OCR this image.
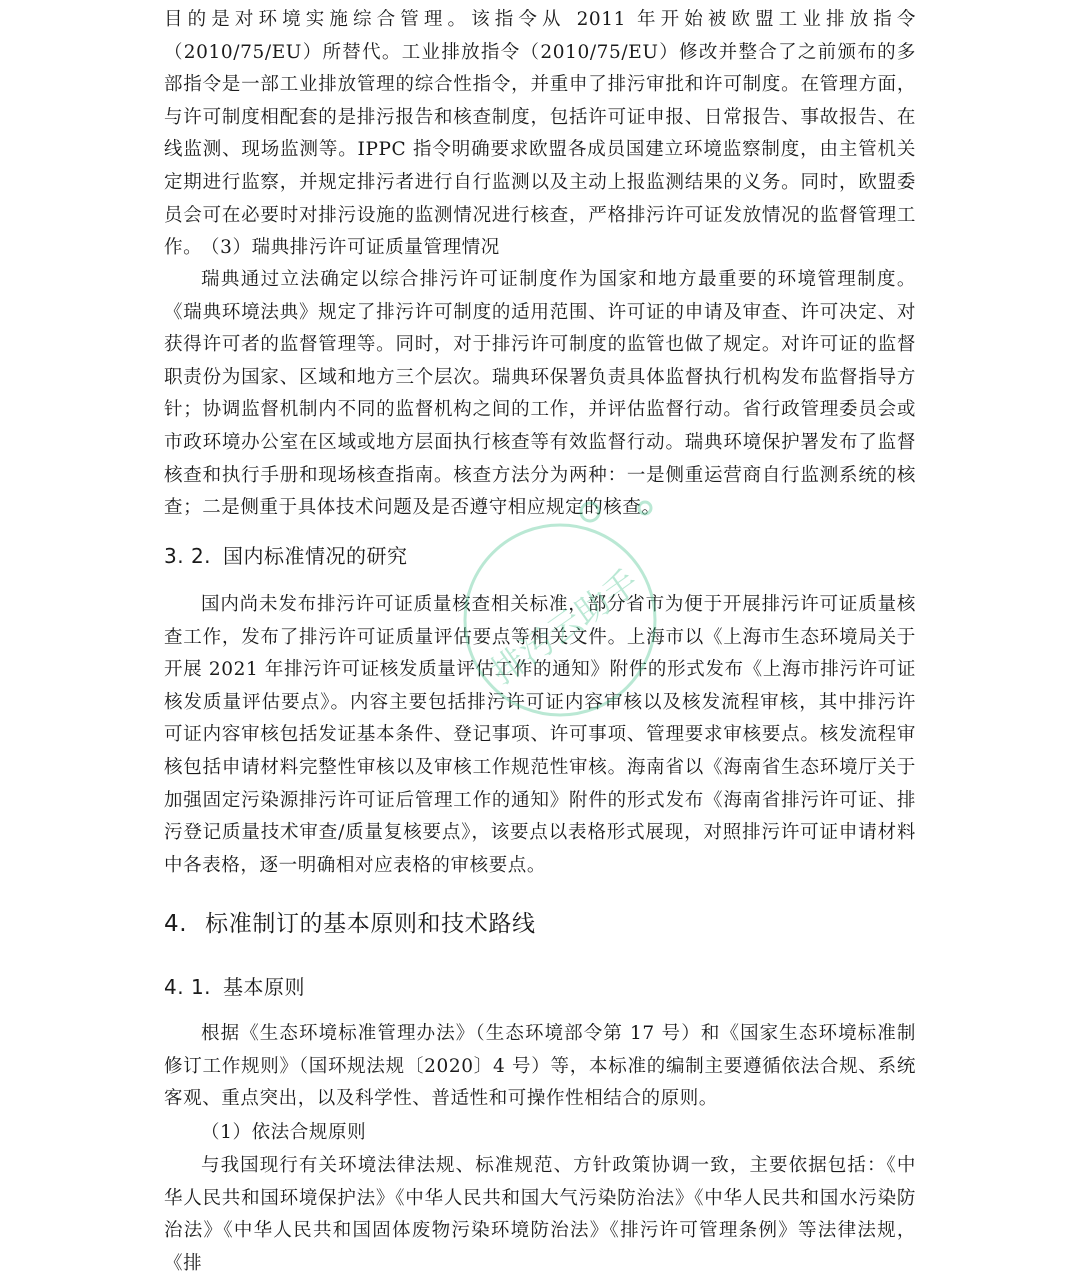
目的是对环境实施综合管理。该指令从 2011 年开始被欧盟工业排放指令（2010/75/EU）所替代。工业排放指令（2010/75/EU）修改并整合了之前颁布的多部指令是一部工业排放管理的综合性指令，并重申了排污审批和许可制度。在管理方面，与许可制度相配套的是排污报告和核查制度，包括许可证申报、日常报告、事故报告、在线监测、现场监测等。IPPC 指令明确要求欧盟各成员国建立环境监察制度，由主管机关定期进行监察，并规定排污者进行自行监测以及主动上报监测结果的义务。同时，欧盟委员会可在必要时对排污设施的监测情况进行核查，严格排污许可证发放情况的监督管理工作。

（3）瑞典排污许可证质量管理情况

瑞典通过立法确定以综合排污许可证制度作为国家和地方最重要的环境管理制度。《瑞典环境法典》规定了排污许可制度的适用范围、许可证的申请及审查、许可决定、对获得许可者的监督管理等。同时，对于排污许可制度的监管也做了规定。对许可证的监督职责份为国家、区域和地方三个层次。瑞典环保署负责具体监督执行机构发布监督指导方针；协调监督机制内不同的监督机构之间的工作，并评估监督行动。省行政管理委员会或市政环境办公室在区域或地方层面执行核查等有效监督行动。瑞典环境保护署发布了监督核查和执行手册和现场核查指南。核查方法分为两种：一是侧重运营商自行监测系统的核查；二是侧重于具体技术问题及是否遵守相应规定的核查。

3. 2. 国内标准情况的研究

国内尚未发布排污许可证质量核查相关标准，部分省市为便于开展排污许可证质量核查工作，发布了排污许可证质量评估要点等相关文件。上海市以《上海市生态环境局关于开展 2021 年排污许可证核发质量评估工作的通知》附件的形式发布《上海市排污许可证核发质量评估要点》。内容主要包括排污许可证内容审核以及核发流程审核，其中排污许可证内容审核包括发证基本条件、登记事项、许可事项、管理要求审核要点。核发流程审核包括申请材料完整性审核以及审核工作规范性审核。海南省以《海南省生态环境厅关于加强固定污染源排污许可证后管理工作的通知》附件的形式发布《海南省排污许可证、排污登记质量技术审查/质量复核要点》，该要点以表格形式展现，对照排污许可证申请材料中各表格，逐一明确相对应表格的审核要点。

4. 标准制订的基本原则和技术路线
4. 1. 基本原则

根据《生态环境标准管理办法》（生态环境部令第 17 号）和《国家生态环境标准制修订工作规则》（国环规法规〔2020〕4 号）等，本标准的编制主要遵循依法合规、系统客观、重点突出，以及科学性、普适性和可操作性相结合的原则。

（1）依法合规原则

与我国现行有关环境法律法规、标准规范、方针政策协调一致，主要依据包括：《中华人民共和国环境保护法》《中华人民共和国大气污染防治法》《中华人民共和国水污染防治法》《中华人民共和国固体废物污染环境防治法》《排污许可管理条例》等法律法规，《排

排污云助手
